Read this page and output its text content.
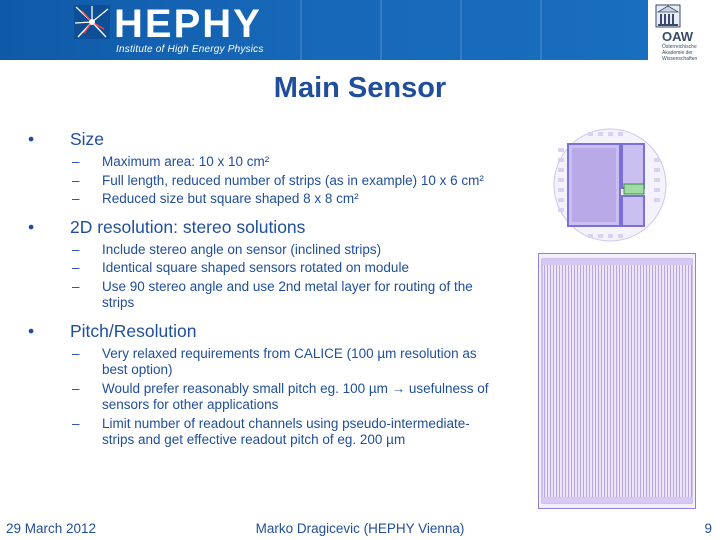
HEPHY
Institute of High Energy Physics
OAW
Österreichische Akademie der Wissenschaften
Main Sensor
• Size
– Maximum area: 10 x 10 cm²
– Full length, reduced number of strips (as in example) 10 x 6 cm²
– Reduced size but square shaped 8 x 8 cm²
• 2D resolution: stereo solutions
– Include stereo angle on sensor (inclined strips)
– Identical square shaped sensors rotated on module
– Use 90 stereo angle and use 2nd metal layer for routing of the strips
• Pitch/Resolution
– Very relaxed requirements from CALICE (100 µm resolution as best option)
– Would prefer reasonably small pitch eg. 100 µm → usefulness of sensors for other applications
– Limit number of readout channels using pseudo-intermediate-strips and get effective readout pitch of eg. 200 µm
29 March 2012	Marko Dragicevic (HEPHY Vienna)	9
